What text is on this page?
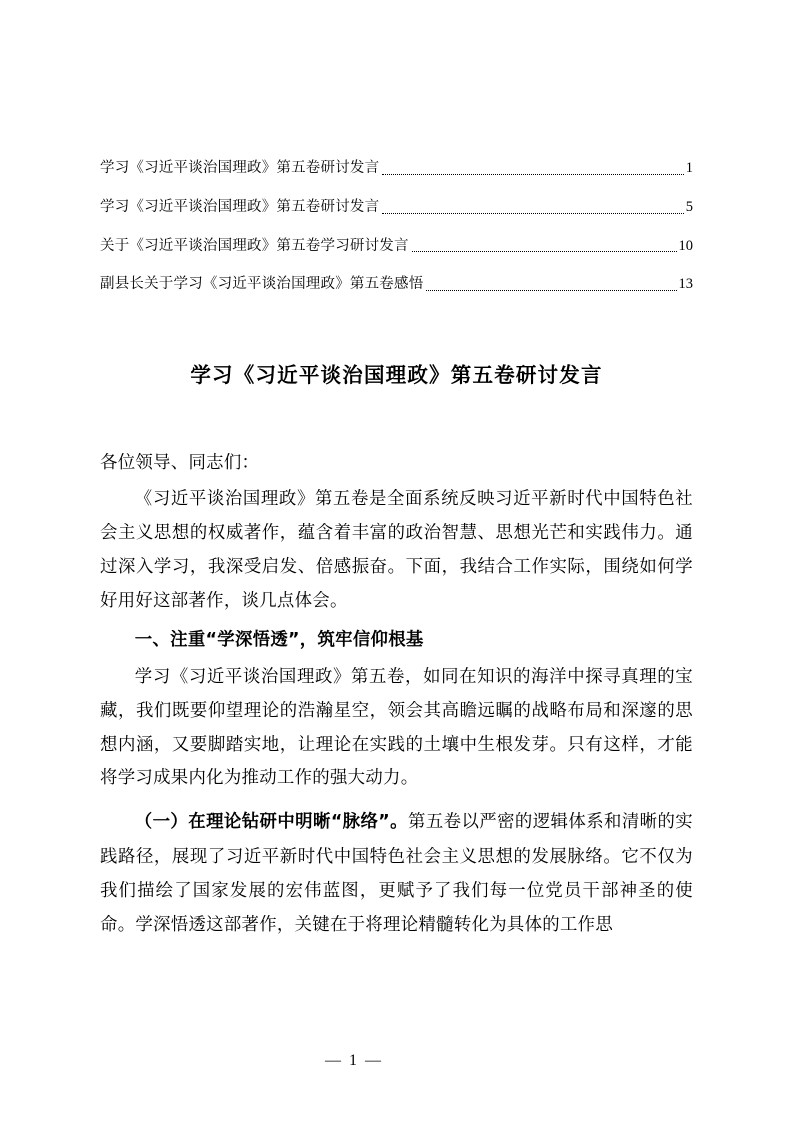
学习《习近平谈治国理政》第五卷研讨发言	1
学习《习近平谈治国理政》第五卷研讨发言	5
关于《习近平谈治国理政》第五卷学习研讨发言	10
副县长关于学习《习近平谈治国理政》第五卷感悟	13
学习《习近平谈治国理政》第五卷研讨发言

各位领导、同志们：

《习近平谈治国理政》第五卷是全面系统反映习近平新时代中国特色社会主义思想的权威著作，蕴含着丰富的政治智慧、思想光芒和实践伟力。通过深入学习，我深受启发、倍感振奋。下面，我结合工作实际，围绕如何学好用好这部著作，谈几点体会。

一、注重“学深悟透”，筑牢信仰根基

学习《习近平谈治国理政》第五卷，如同在知识的海洋中探寻真理的宝藏，我们既要仰望理论的浩瀚星空，领会其高瞻远瞩的战略布局和深邃的思想内涵，又要脚踏实地，让理论在实践的土壤中生根发芽。只有这样，才能将学习成果内化为推动工作的强大动力。

（一）在理论钻研中明晰“脉络”。第五卷以严密的逻辑体系和清晰的实践路径，展现了习近平新时代中国特色社会主义思想的发展脉络。它不仅为我们描绘了国家发展的宏伟蓝图，更赋予了我们每一位党员干部神圣的使命。学深悟透这部著作，关键在于将理论精髓转化为具体的工作思

— 1 —
